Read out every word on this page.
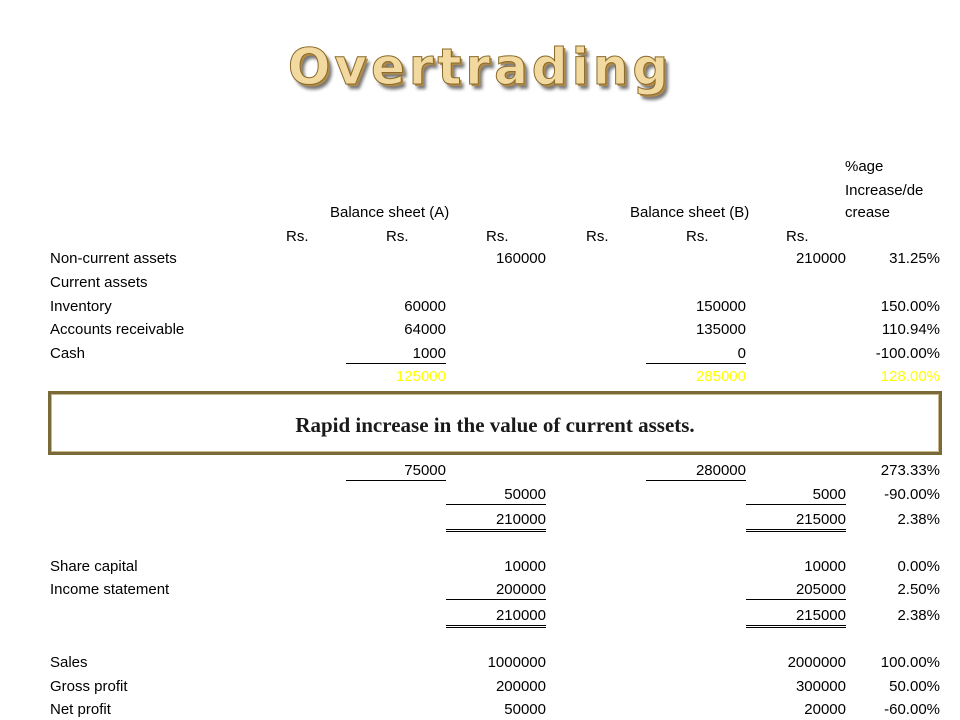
Overtrading
%age
Increase/de
crease
Balance sheet (A)	Balance sheet (B)
Rs.	Rs.	Rs.	Rs.	Rs.	Rs.
Non-current assets	160000	210000	31.25%
Current assets
Inventory	60000	150000	150.00%
Accounts receivable	64000	135000	110.94%
Cash	1000	0	-100.00%
125000	285000	128.00%
Rapid increase in the value of current assets.
75000	280000	273.33%
50000	5000	-90.00%
210000	215000	2.38%
Share capital	10000	10000	0.00%
Income statement	200000	205000	2.50%
210000	215000	2.38%
Sales	1000000	2000000	100.00%
Gross profit	200000	300000	50.00%
Net profit	50000	20000	-60.00%
